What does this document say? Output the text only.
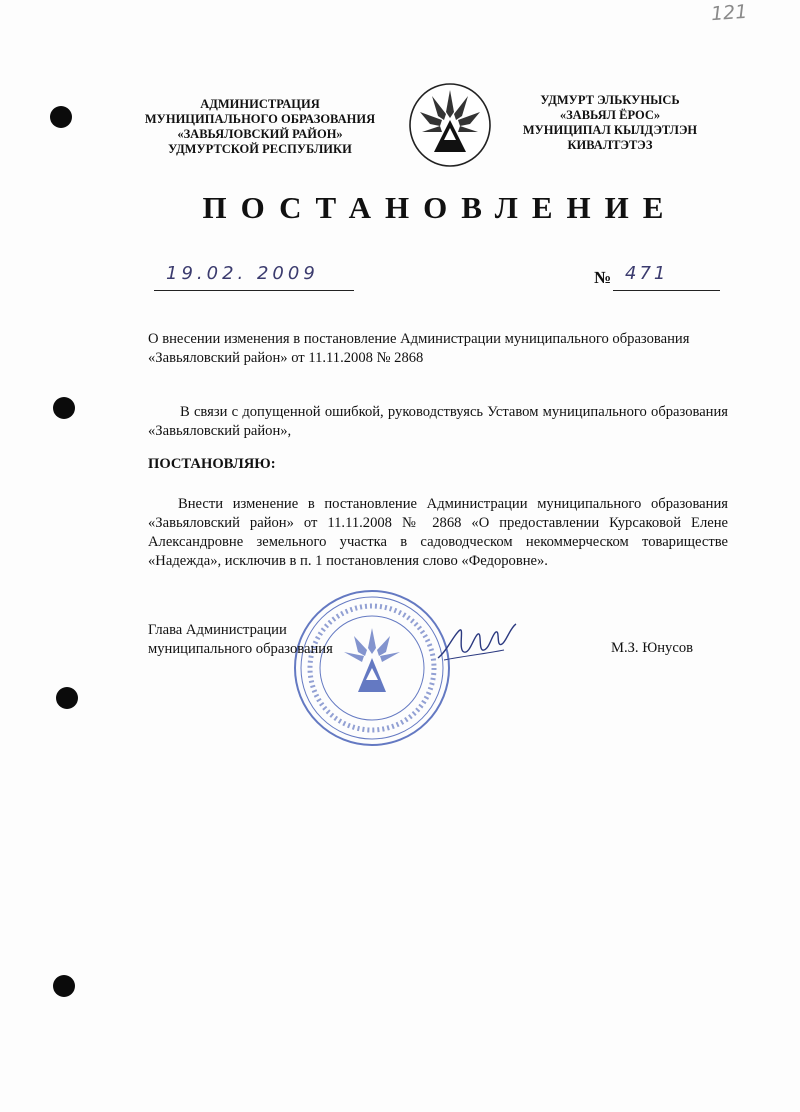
121
АДМИНИСТРАЦИЯ
МУНИЦИПАЛЬНОГО ОБРАЗОВАНИЯ
«ЗАВЬЯЛОВСКИЙ РАЙОН»
УДМУРТСКОЙ РЕСПУБЛИКИ
УДМУРТ ЭЛЬКУНЫСЬ
«ЗАВЬЯЛ ЁРОС»
МУНИЦИПАЛ КЫЛДЭТЛЭН
КИВАЛТЭТЭЗ
ПОСТАНОВЛЕНИЕ
19.02. 2009	№ 471
О внесении изменения в постановление Администрации муниципального образования «Завьяловский район» от 11.11.2008 № 2868
В связи с допущенной ошибкой, руководствуясь Уставом муниципального образования «Завьяловский район»,
ПОСТАНОВЛЯЮ:
Внести изменение в постановление Администрации муниципального образования «Завьяловский район» от 11.11.2008 № 2868 «О предоставлении Курсаковой Елене Александровне земельного участка в садоводческом некоммерческом товариществе «Надежда», исключив в п. 1 постановления слово «Федоровне».
Глава Администрации
муниципального образования	М.З. Юнусов
